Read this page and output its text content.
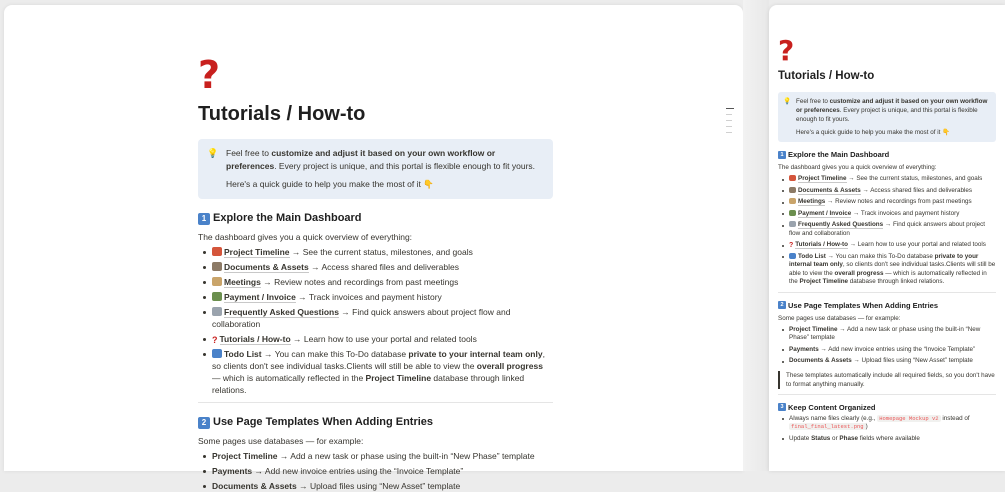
?
Tutorials / How-to
💡 Feel free to customize and adjust it based on your own workflow or preferences. Every project is unique, and this portal is flexible enough to fit yours.

Here's a quick guide to help you make the most of it 👇

1 Explore the Main Dashboard
The dashboard gives you a quick overview of everything:
Project Timeline → See the current status, milestones, and goals
Documents & Assets → Access shared files and deliverables
Meetings → Review notes and recordings from past meetings
Payment / Invoice → Track invoices and payment history
Frequently Asked Questions → Find quick answers about project flow and collaboration
? Tutorials / How-to → Learn how to use your portal and related tools
Todo List → You can make this To-Do database private to your internal team only, so clients don't see individual tasks.Clients will still be able to view the overall progress — which is automatically reflected in the Project Timeline database through linked relations.
2 Use Page Templates When Adding Entries
Some pages use databases — for example:
Project Timeline → Add a new task or phase using the built-in “New Phase” template
Payments → Add new invoice entries using the “Invoice Template”
Documents & Assets → Upload files using “New Asset” template
?
Tutorials / How-to
💡 Feel free to customize and adjust it based on your own workflow or preferences. Every project is unique, and this portal is flexible enough to fit yours.

Here's a quick guide to help you make the most of it 👇

1 Explore the Main Dashboard
The dashboard gives you a quick overview of everything:
Project Timeline → See the current status, milestones, and goals
Documents & Assets → Access shared files and deliverables
Meetings → Review notes and recordings from past meetings
Payment / Invoice → Track invoices and payment history
Frequently Asked Questions → Find quick answers about project flow and collaboration
? Tutorials / How-to → Learn how to use your portal and related tools
Todo List → You can make this To-Do database private to your internal team only, so clients don't see individual tasks.Clients will still be able to view the overall progress — which is automatically reflected in the Project Timeline database through linked relations.
2 Use Page Templates When Adding Entries
Some pages use databases — for example:
Project Timeline → Add a new task or phase using the built-in “New Phase” template
Payments → Add new invoice entries using the “Invoice Template”
Documents & Assets → Upload files using “New Asset” template
These templates automatically include all required fields, so you don't have to format anything manually.
3 Keep Content Organized
Always name files clearly (e.g., Homepage Mockup v2 instead of final_final_latest.png )
Update Status or Phase fields where available
